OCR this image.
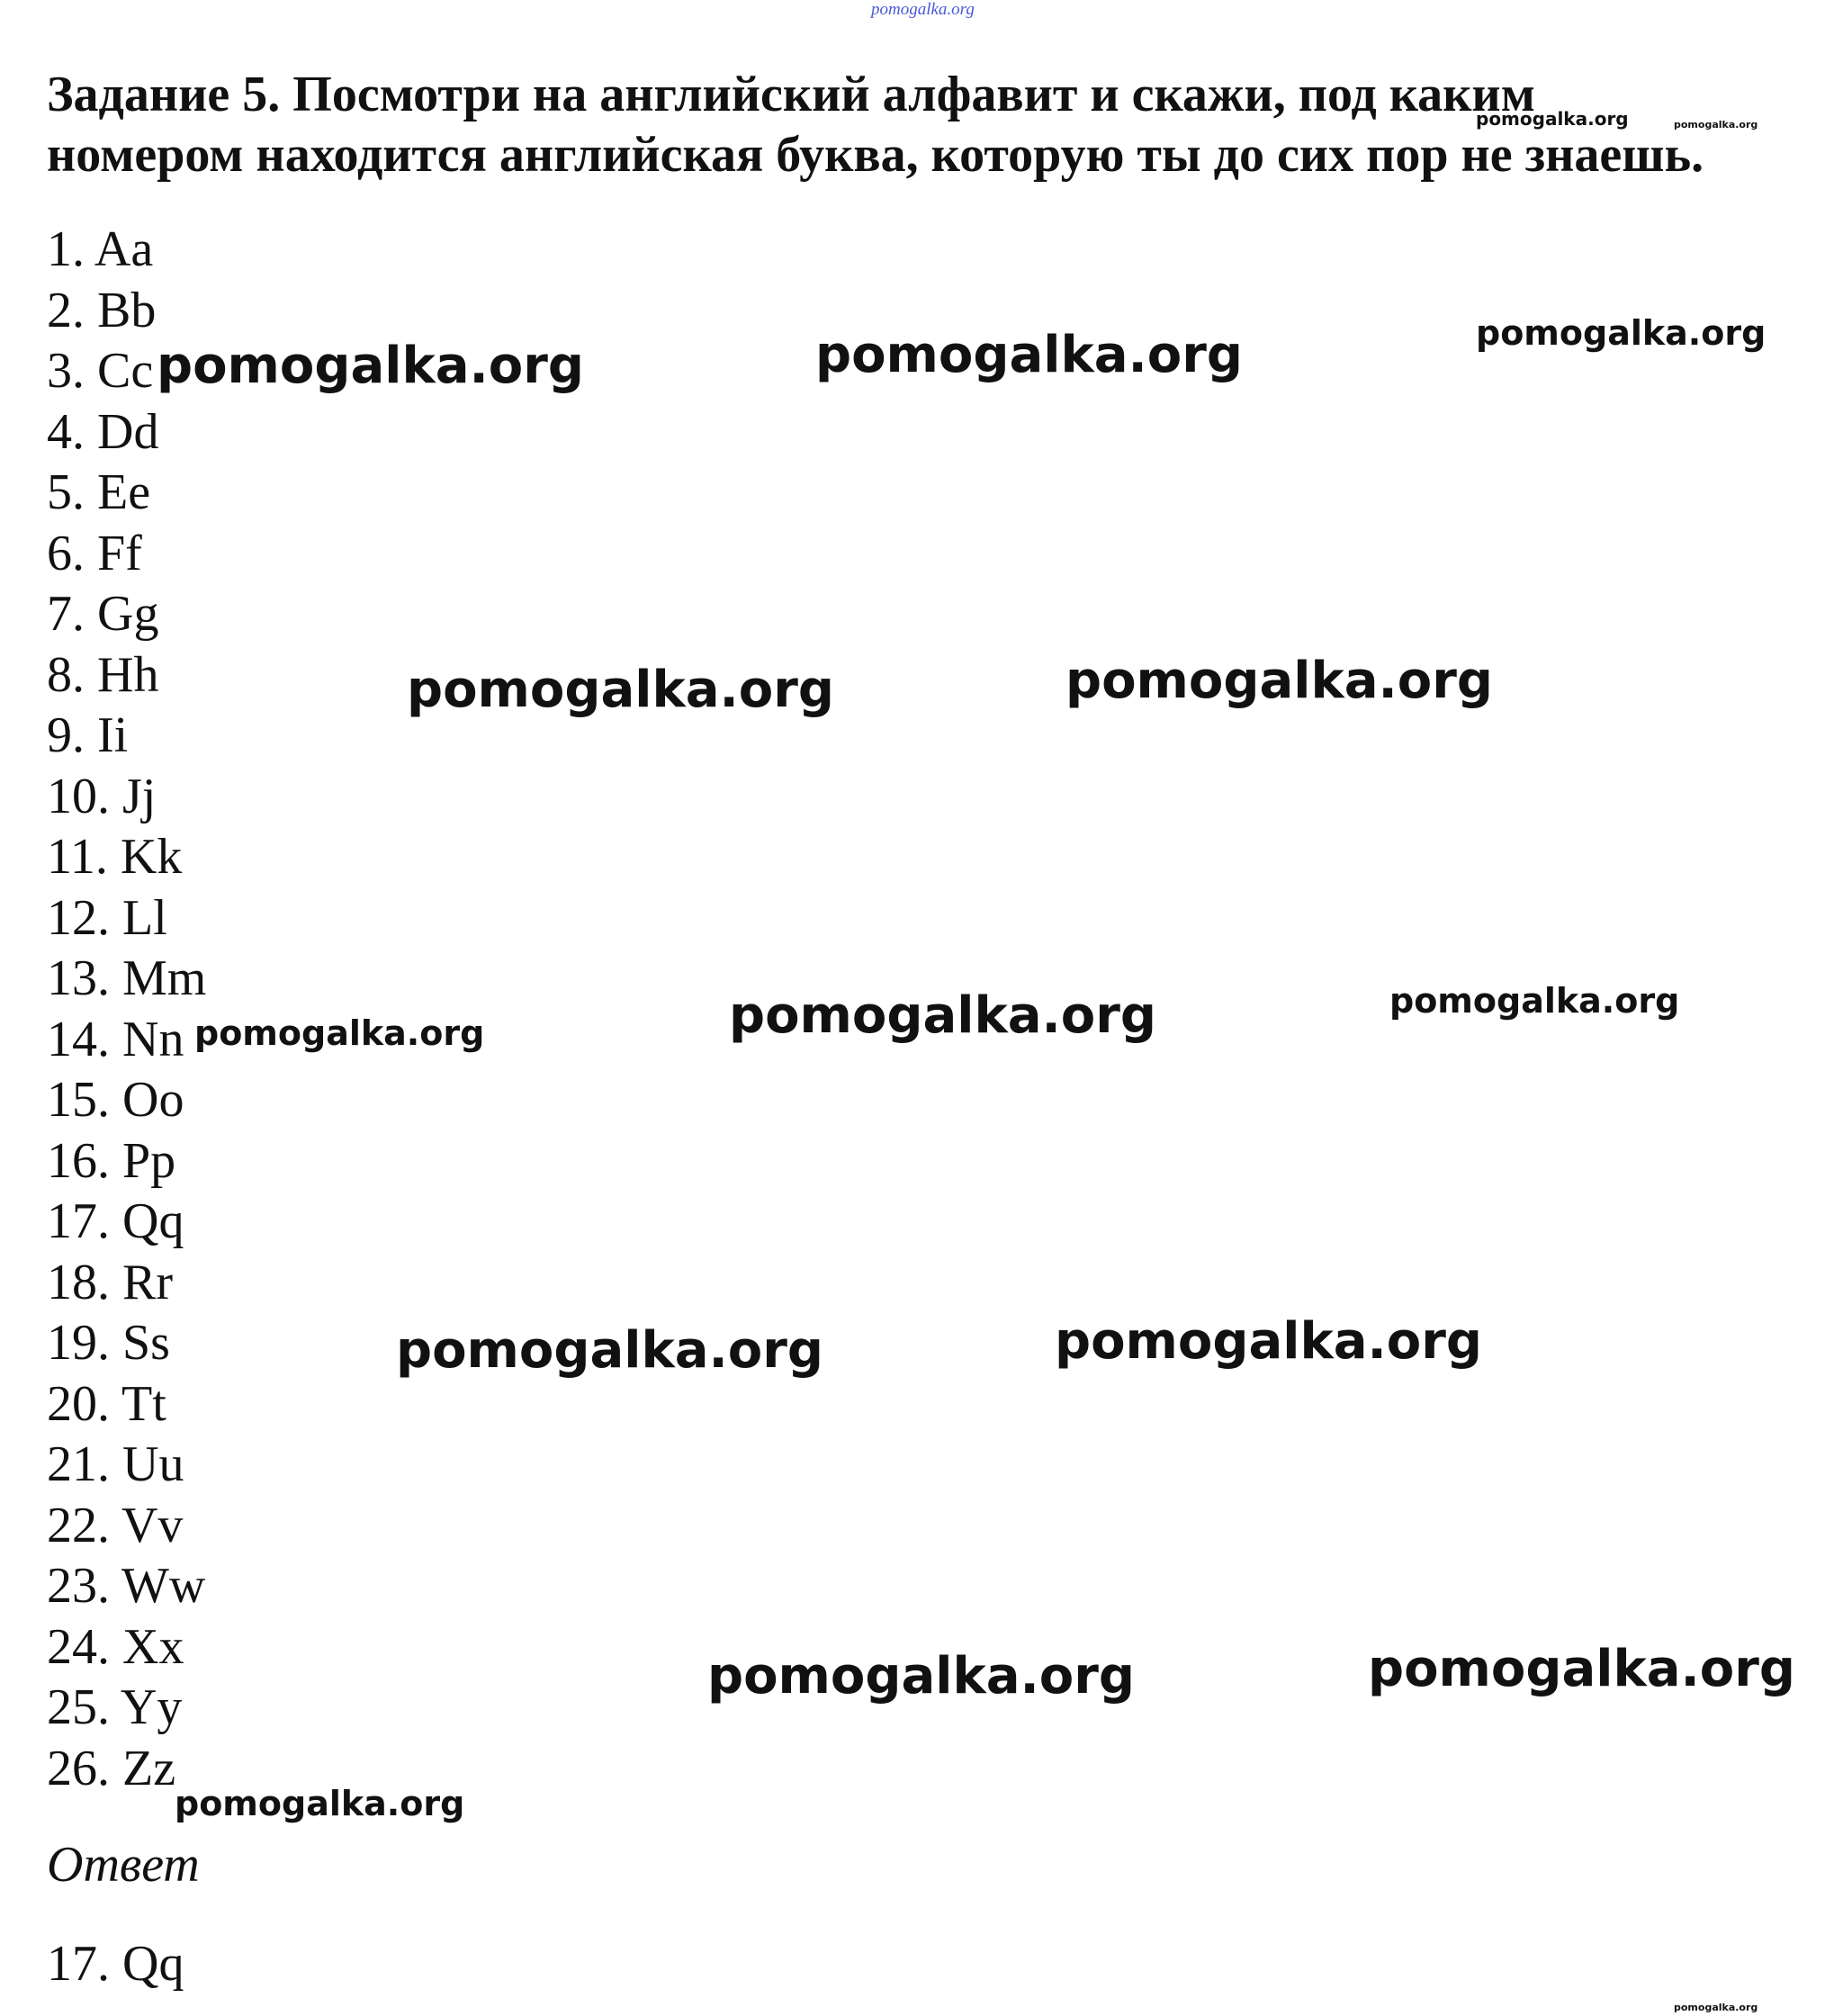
pomogalka.org
Задание 5. Посмотри на английский алфавит и скажи, под каким
номером находится английская буква, которую ты до сих пор не знаешь.
1. Aa
2. Bb
3. Cc
4. Dd
5. Ee
6. Ff
7. Gg
8. Hh
9. Ii
10. Jj
11. Kk
12. Ll
13. Mm
14. Nn
15. Oo
16. Pp
17. Qq
18. Rr
19. Ss
20. Tt
21. Uu
22. Vv
23. Ww
24. Xx
25. Yy
26. Zz
Ответ
17. Qq
pomogalka.org	pomogalka.org
pomogalka.org	pomogalka.org	pomogalka.org
pomogalka.org	pomogalka.org
pomogalka.org	pomogalka.org	pomogalka.org
pomogalka.org	pomogalka.org
pomogalka.org	pomogalka.org
pomogalka.org
pomogalka.org
